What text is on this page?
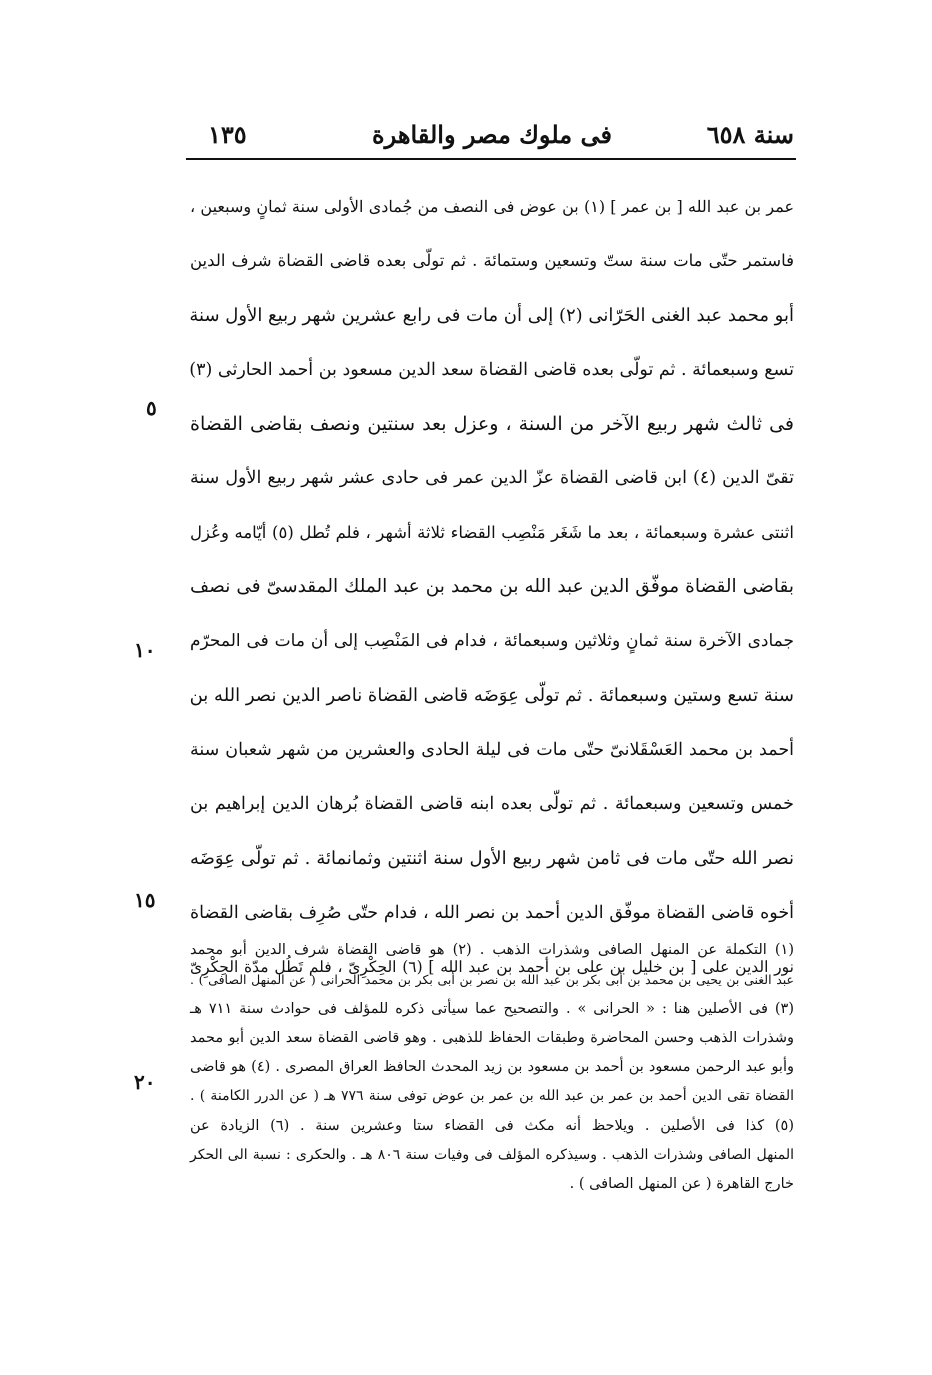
سنة ٦٥٨
فى ملوك مصر والقاهرة
١٣٥
عمر بن عبد الله [ بن عمر ] (١) بن عوض فى النصف من جُمادى الأولى سنة ثمانٍ وسبعين ،
فاستمر حتّى مات سنة ستّ وتسعين وستمائة . ثم تولّى بعده قاضى القضاة شرف الدين
أبو محمد عبد الغنى الحَرّانى (٢) إلى أن مات فى رابع عشرين شهر ربيع الأول سنة
تسع وسبعمائة . ثم تولّى بعده قاضى القضاة سعد الدين مسعود بن أحمد الحارثى (٣)
فى ثالث شهر ربيع الآخر من السنة ، وعزل بعد سنتين ونصف بقاضى القضاة
تقىّ الدين (٤) ابن قاضى القضاة عزّ الدين عمر فى حادى عشر شهر ربيع الأول سنة
اثنتى عشرة وسبعمائة ، بعد ما شَغَر مَنْصِب القضاء ثلاثة أشهر ، فلم تُطل (٥) أيّامه وعُزل
بقاضى القضاة موفّق الدين عبد الله بن محمد بن عبد الملك المقدسىّ فى نصف
جمادى الآخرة سنة ثمانٍ وثلاثين وسبعمائة ، فدام فى المَنْصِب إلى أن مات فى المحرّم
سنة تسع وستين وسبعمائة . ثم تولّى عِوَضَه قاضى القضاة ناصر الدين نصر الله بن
أحمد بن محمد العَسْقَلانىّ حتّى مات فى ليلة الحادى والعشرين من شهر شعبان سنة
خمس وتسعين وسبعمائة . ثم تولّى بعده ابنه قاضى القضاة بُرهان الدين إبراهيم بن
نصر الله حتّى مات فى ثامن شهر ربيع الأول سنة اثنتين وثمانمائة . ثم تولّى عِوَضَه
أخوه قاضى القضاة موفّق الدين أحمد بن نصر الله ، فدام حتّى صُرِف بقاضى القضاة
نور الدين على [ بن خليل بن على بن أحمد بن عبد الله ] (٦) الحِكْرِىّ ، فلم تَطُل مدّة الحِكْرِىّ
٥
١٠
١٥
٢٠
(١) التكملة عن المنهل الصافى وشذرات الذهب . (٢) هو قاضى القضاة شرف الدين أبو محمد
عبد الغنى بن يحيى بن محمد بن أبى بكر بن عبد الله بن نصر بن أبى بكر بن محمد الحرانى ( عن المنهل الصافى ) .
(٣) فى الأصلين هنا : « الحرانى » . والتصحيح عما سيأتى ذكره للمؤلف فى حوادث سنة ٧١١ هـ
وشذرات الذهب وحسن المحاضرة وطبقات الحفاظ للذهبى . وهو قاضى القضاة سعد الدين أبو محمد
وأبو عبد الرحمن مسعود بن أحمد بن مسعود بن زيد المحدث الحافظ العراق المصرى . (٤) هو قاضى
القضاة تقى الدين أحمد بن عمر بن عبد الله بن عمر بن عوض توفى سنة ٧٧٦ هـ ( عن الدرر الكامنة ) .
(٥) كذا فى الأصلين . ويلاحظ أنه مكث فى القضاء ستا وعشرين سنة . (٦) الزيادة عن
المنهل الصافى وشذرات الذهب . وسيذكره المؤلف فى وفيات سنة ٨٠٦ هـ . والحكرى : نسبة الى الحكر
خارج القاهرة ( عن المنهل الصافى ) .
